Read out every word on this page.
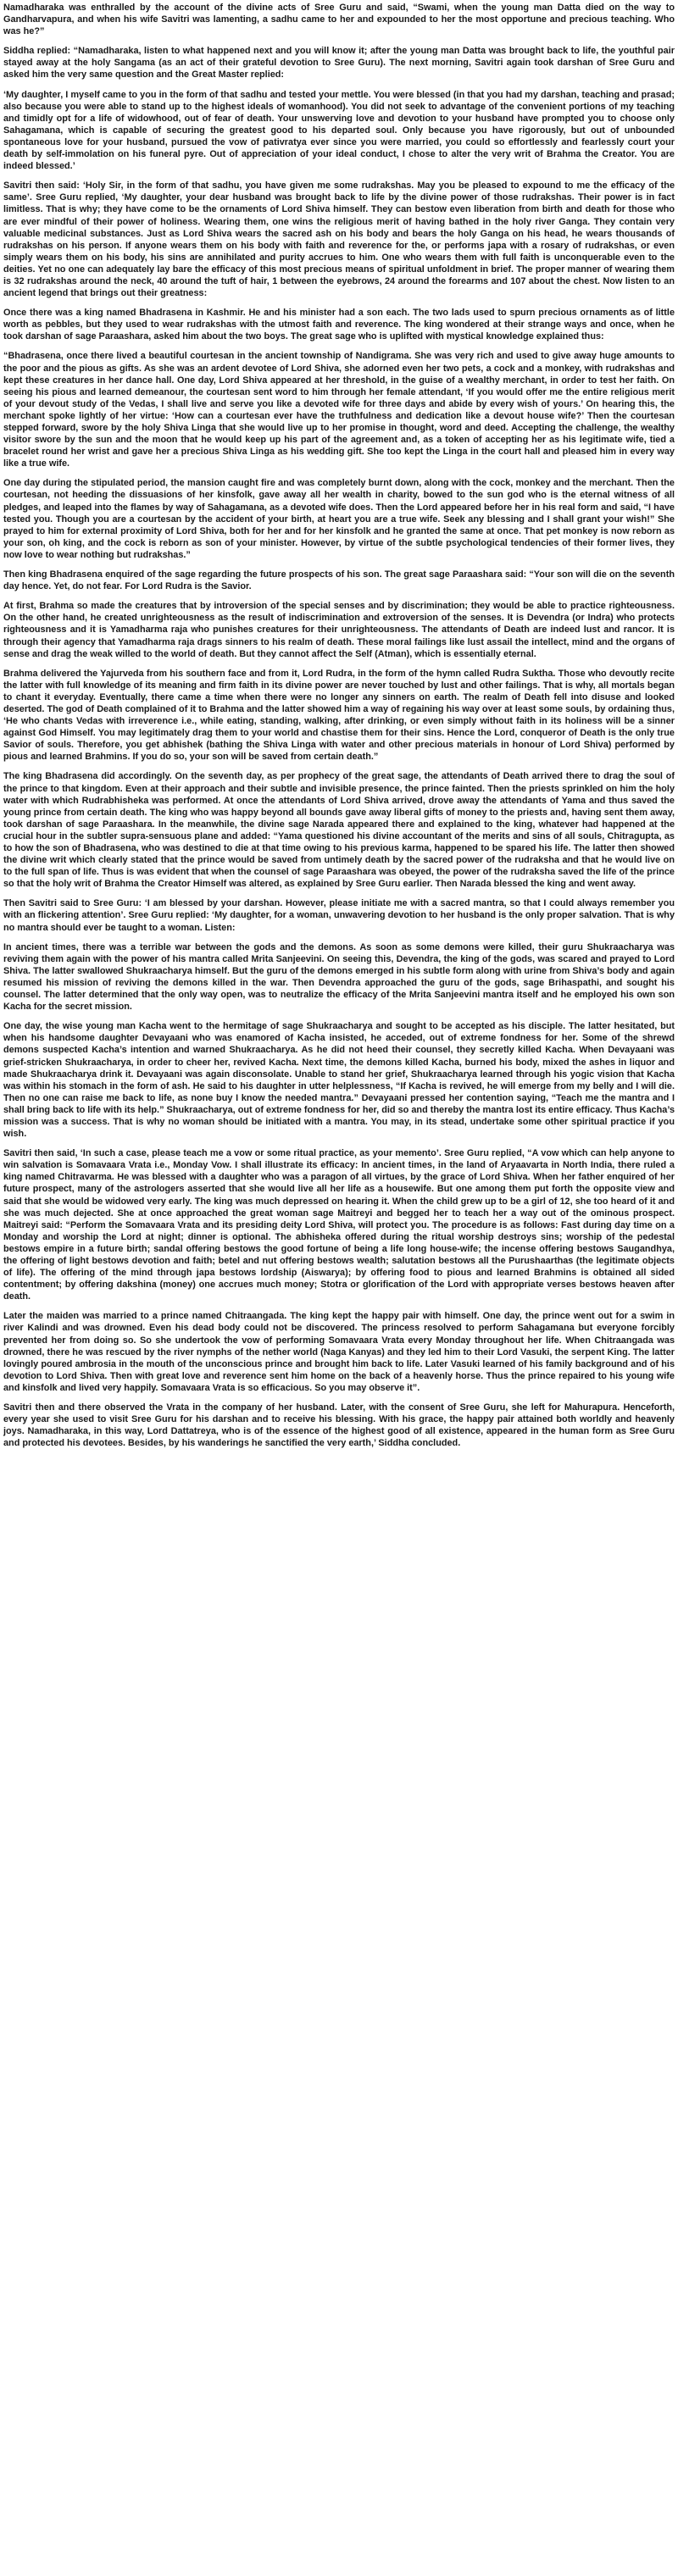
Namadharaka was enthralled by the account of the divine acts of Sree Guru and said, “Swami, when the young man Datta died on the way to Gandharvapura, and when his wife Savitri was lamenting, a sadhu came to her and expounded to her the most opportune and precious teaching. Who was he?”

Siddha replied: “Namadharaka, listen to what happened next and you will know it; after the young man Datta was brought back to life, the youthful pair stayed away at the holy Sangama (as an act of their grateful devotion to Sree Guru). The next morning, Savitri again took darshan of Sree Guru and asked him the very same question and the Great Master replied:

‘My daughter, I myself came to you in the form of that sadhu and tested your mettle. You were blessed (in that you had my darshan, teaching and prasad; also because you were able to stand up to the highest ideals of womanhood). You did not seek to advantage of the convenient portions of my teaching and timidly opt for a life of widowhood, out of fear of death. Your unswerving love and devotion to your husband have prompted you to choose only Sahagamana, which is capable of securing the greatest good to his departed soul. Only because you have rigorously, but out of unbounded spontaneous love for your husband, pursued the vow of pativratya ever since you were married, you could so effortlessly and fearlessly court your death by self-immolation on his funeral pyre. Out of appreciation of your ideal conduct, I chose to alter the very writ of Brahma the Creator. You are indeed blessed.’

Savitri then said: ‘Holy Sir, in the form of that sadhu, you have given me some rudrakshas. May you be pleased to expound to me the efficacy of the same’. Sree Guru replied, ‘My daughter, your dear husband was brought back to life by the divine power of those rudrakshas. Their power is in fact limitless. That is why; they have come to be the ornaments of Lord Shiva himself. They can bestow even liberation from birth and death for those who are ever mindful of their power of holiness. Wearing them, one wins the religious merit of having bathed in the holy river Ganga. They contain very valuable medicinal substances. Just as Lord Shiva wears the sacred ash on his body and bears the holy Ganga on his head, he wears thousands of rudrakshas on his person. If anyone wears them on his body with faith and reverence for the, or performs japa with a rosary of rudrakshas, or even simply wears them on his body, his sins are annihilated and purity accrues to him. One who wears them with full faith is unconquerable even to the deities. Yet no one can adequately lay bare the efficacy of this most precious means of spiritual unfoldment in brief. The proper manner of wearing them is 32 rudrakshas around the neck, 40 around the tuft of hair, 1 between the eyebrows, 24 around the forearms and 107 about the chest. Now listen to an ancient legend that brings out their greatness:

Once there was a king named Bhadrasena in Kashmir. He and his minister had a son each. The two lads used to spurn precious ornaments as of little worth as pebbles, but they used to wear rudrakshas with the utmost faith and reverence. The king wondered at their strange ways and once, when he took darshan of sage Paraashara, asked him about the two boys. The great sage who is uplifted with mystical knowledge explained thus:

“Bhadrasena, once there lived a beautiful courtesan in the ancient township of Nandigrama. She was very rich and used to give away huge amounts to the poor and the pious as gifts. As she was an ardent devotee of Lord Shiva, she adorned even her two pets, a cock and a monkey, with rudrakshas and kept these creatures in her dance hall. One day, Lord Shiva appeared at her threshold, in the guise of a wealthy merchant, in order to test her faith. On seeing his pious and learned demeanour, the courtesan sent word to him through her female attendant, ‘If you would offer me the entire religious merit of your devout study of the Vedas, I shall live and serve you like a devoted wife for three days and abide by every wish of yours.’ On hearing this, the merchant spoke lightly of her virtue: ‘How can a courtesan ever have the truthfulness and dedication like a devout house wife?’ Then the courtesan stepped forward, swore by the holy Shiva Linga that she would live up to her promise in thought, word and deed. Accepting the challenge, the wealthy visitor swore by the sun and the moon that he would keep up his part of the agreement and, as a token of accepting her as his legitimate wife, tied a bracelet round her wrist and gave her a precious Shiva Linga as his wedding gift. She too kept the Linga in the court hall and pleased him in every way like a true wife.

One day during the stipulated period, the mansion caught fire and was completely burnt down, along with the cock, monkey and the merchant. Then the courtesan, not heeding the dissuasions of her kinsfolk, gave away all her wealth in charity, bowed to the sun god who is the eternal witness of all pledges, and leaped into the flames by way of Sahagamana, as a devoted wife does. Then the Lord appeared before her in his real form and said, “I have tested you. Though you are a courtesan by the accident of your birth, at heart you are a true wife. Seek any blessing and I shall grant your wish!” She prayed to him for external proximity of Lord Shiva, both for her and for her kinsfolk and he granted the same at once. That pet monkey is now reborn as your son, oh king, and the cock is reborn as son of your minister. However, by virtue of the subtle psychological tendencies of their former lives, they now love to wear nothing but rudrakshas.”

Then king Bhadrasena enquired of the sage regarding the future prospects of his son. The great sage Paraashara said: “Your son will die on the seventh day hence. Yet, do not fear. For Lord Rudra is the Savior.

At first, Brahma so made the creatures that by introversion of the special senses and by discrimination; they would be able to practice righteousness. On the other hand, he created unrighteousness as the result of indiscrimination and extroversion of the senses. It is Devendra (or Indra) who protects righteousness and it is Yamadharma raja who punishes creatures for their unrighteousness. The attendants of Death are indeed lust and rancor. It is through their agency that Yamadharma raja drags sinners to his realm of death. These moral failings like lust assail the intellect, mind and the organs of sense and drag the weak willed to the world of death. But they cannot affect the Self (Atman), which is essentially eternal.

Brahma delivered the Yajurveda from his southern face and from it, Lord Rudra, in the form of the hymn called Rudra Suktha. Those who devoutly recite the latter with full knowledge of its meaning and firm faith in its divine power are never touched by lust and other failings. That is why, all mortals began to chant it everyday. Eventually, there came a time when there were no longer any sinners on earth. The realm of Death fell into disuse and looked deserted. The god of Death complained of it to Brahma and the latter showed him a way of regaining his way over at least some souls, by ordaining thus, ‘He who chants Vedas with irreverence i.e., while eating, standing, walking, after drinking, or even simply without faith in its holiness will be a sinner against God Himself. You may legitimately drag them to your world and chastise them for their sins. Hence the Lord, conqueror of Death is the only true Savior of souls. Therefore, you get abhishek (bathing the Shiva Linga with water and other precious materials in honour of Lord Shiva) performed by pious and learned Brahmins. If you do so, your son will be saved from certain death.”

The king Bhadrasena did accordingly. On the seventh day, as per prophecy of the great sage, the attendants of Death arrived there to drag the soul of the prince to that kingdom. Even at their approach and their subtle and invisible presence, the prince fainted. Then the priests sprinkled on him the holy water with which Rudrabhisheka was performed. At once the attendants of Lord Shiva arrived, drove away the attendants of Yama and thus saved the young prince from certain death. The king who was happy beyond all bounds gave away liberal gifts of money to the priests and, having sent them away, took darshan of sage Paraashara. In the meanwhile, the divine sage Narada appeared there and explained to the king, whatever had happened at the crucial hour in the subtler supra-sensuous plane and added: “Yama questioned his divine accountant of the merits and sins of all souls, Chitragupta, as to how the son of Bhadrasena, who was destined to die at that time owing to his previous karma, happened to be spared his life. The latter then showed the divine writ which clearly stated that the prince would be saved from untimely death by the sacred power of the rudraksha and that he would live on to the full span of life. Thus is was evident that when the counsel of sage Paraashara was obeyed, the power of the rudraksha saved the life of the prince so that the holy writ of Brahma the Creator Himself was altered, as explained by Sree Guru earlier. Then Narada blessed the king and went away.

Then Savitri said to Sree Guru: ‘I am blessed by your darshan. However, please initiate me with a sacred mantra, so that I could always remember you with an flickering attention’. Sree Guru replied: ‘My daughter, for a woman, unwavering devotion to her husband is the only proper salvation. That is why no mantra should ever be taught to a woman. Listen:

In ancient times, there was a terrible war between the gods and the demons. As soon as some demons were killed, their guru Shukraacharya was reviving them again with the power of his mantra called Mrita Sanjeevini. On seeing this, Devendra, the king of the gods, was scared and prayed to Lord Shiva. The latter swallowed Shukraacharya himself. But the guru of the demons emerged in his subtle form along with urine from Shiva’s body and again resumed his mission of reviving the demons killed in the war. Then Devendra approached the guru of the gods, sage Brihaspathi, and sought his counsel. The latter determined that the only way open, was to neutralize the efficacy of the Mrita Sanjeevini mantra itself and he employed his own son Kacha for the secret mission.

One day, the wise young man Kacha went to the hermitage of sage Shukraacharya and sought to be accepted as his disciple. The latter hesitated, but when his handsome daughter Devayaani who was enamored of Kacha insisted, he acceded, out of extreme fondness for her. Some of the shrewd demons suspected Kacha’s intention and warned Shukraacharya. As he did not heed their counsel, they secretly killed Kacha. When Devayaani was grief-stricken Shukraacharya, in order to cheer her, revived Kacha. Next time, the demons killed Kacha, burned his body, mixed the ashes in liquor and made Shukraacharya drink it. Devayaani was again disconsolate. Unable to stand her grief, Shukraacharya learned through his yogic vision that Kacha was within his stomach in the form of ash. He said to his daughter in utter helplessness, “If Kacha is revived, he will emerge from my belly and I will die. Then no one can raise me back to life, as none buy I know the needed mantra.” Devayaani pressed her contention saying, “Teach me the mantra and I shall bring back to life with its help.” Shukraacharya, out of extreme fondness for her, did so and thereby the mantra lost its entire efficacy. Thus Kacha’s mission was a success. That is why no woman should be initiated with a mantra. You may, in its stead, undertake some other spiritual practice if you wish.

Savitri then said, ‘In such a case, please teach me a vow or some ritual practice, as your memento’. Sree Guru replied, “A vow which can help anyone to win salvation is Somavaara Vrata i.e., Monday Vow. I shall illustrate its efficacy: In ancient times, in the land of Aryaavarta in North India, there ruled a king named Chitravarma. He was blessed with a daughter who was a paragon of all virtues, by the grace of Lord Shiva. When her father enquired of her future prospect, many of the astrologers asserted that she would live all her life as a housewife. But one among them put forth the opposite view and said that she would be widowed very early. The king was much depressed on hearing it. When the child grew up to be a girl of 12, she too heard of it and she was much dejected. She at once approached the great woman sage Maitreyi and begged her to teach her a way out of the ominous prospect. Maitreyi said: “Perform the Somavaara Vrata and its presiding deity Lord Shiva, will protect you. The procedure is as follows: Fast during day time on a Monday and worship the Lord at night; dinner is optional. The abhisheka offered during the ritual worship destroys sins; worship of the pedestal bestows empire in a future birth; sandal offering bestows the good fortune of being a life long house-wife; the incense offering bestows Saugandhya, the offering of light bestows devotion and faith; betel and nut offering bestows wealth; salutation bestows all the Purushaarthas (the legitimate objects of life). The offering of the mind through japa bestows lordship (Aiswarya); by offering food to pious and learned Brahmins is obtained all sided contentment; by offering dakshina (money) one accrues much money; Stotra or glorification of the Lord with appropriate verses bestows heaven after death.

Later the maiden was married to a prince named Chitraangada. The king kept the happy pair with himself. One day, the prince went out for a swim in river Kalindi and was drowned. Even his dead body could not be discovered. The princess resolved to perform Sahagamana but everyone forcibly prevented her from doing so. So she undertook the vow of performing Somavaara Vrata every Monday throughout her life. When Chitraangada was drowned, there he was rescued by the river nymphs of the nether world (Naga Kanyas) and they led him to their Lord Vasuki, the serpent King. The latter lovingly poured ambrosia in the mouth of the unconscious prince and brought him back to life. Later Vasuki learned of his family background and of his devotion to Lord Shiva. Then with great love and reverence sent him home on the back of a heavenly horse. Thus the prince repaired to his young wife and kinsfolk and lived very happily. Somavaara Vrata is so efficacious. So you may observe it”.

Savitri then and there observed the Vrata in the company of her husband. Later, with the consent of Sree Guru, she left for Mahurapura. Henceforth, every year she used to visit Sree Guru for his darshan and to receive his blessing. With his grace, the happy pair attained both worldly and heavenly joys. Namadharaka, in this way, Lord Dattatreya, who is of the essence of the highest good of all existence, appeared in the human form as Sree Guru and protected his devotees. Besides, by his wanderings he sanctified the very earth,’ Siddha concluded.
